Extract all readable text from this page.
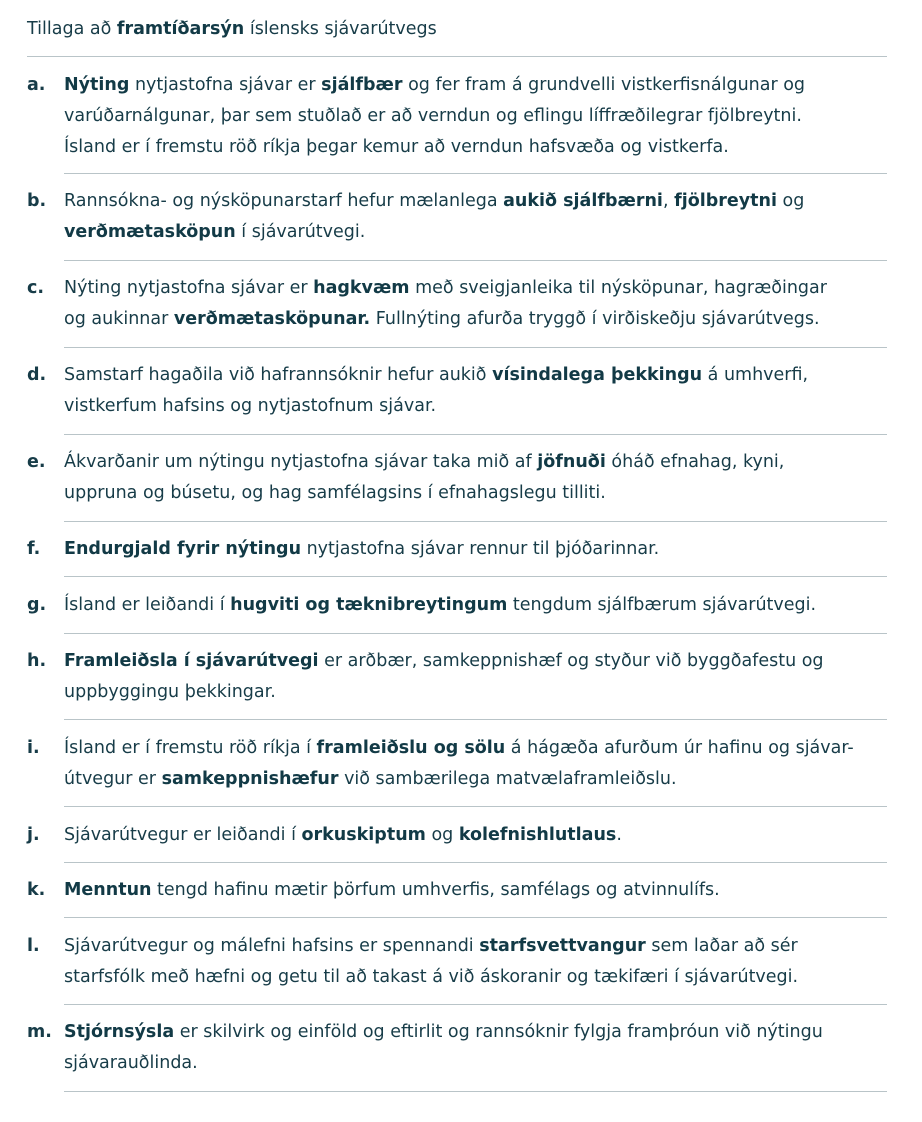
Tillaga að framtíðarsýn íslensks sjávarútvegs
a.	Nýting nytjastofna sjávar er sjálfbær og fer fram á grundvelli vistkerfisnálgunar og
varúðarnálgunar, þar sem stuðlað er að verndun og eflingu líffræðilegrar fjölbreytni.
Ísland er í fremstu röð ríkja þegar kemur að verndun hafsvæða og vistkerfa.
b.	Rannsókna- og nýsköpunarstarf hefur mælanlega aukið sjálfbærni, fjölbreytni og
verðmætasköpun í sjávarútvegi.
c.	Nýting nytjastofna sjávar er hagkvæm með sveigjanleika til nýsköpunar, hagræðingar
og aukinnar verðmætasköpunar. Fullnýting afurða tryggð í virðiskeðju sjávarútvegs.
d.	Samstarf hagaðila við hafrannsóknir hefur aukið vísindalega þekkingu á umhverfi,
vistkerfum hafsins og nytjastofnum sjávar.
e.	Ákvarðanir um nýtingu nytjastofna sjávar taka mið af jöfnuði óháð efnahag, kyni,
uppruna og búsetu, og hag samfélagsins í efnahagslegu tilliti.
f.	Endurgjald fyrir nýtingu nytjastofna sjávar rennur til þjóðarinnar.
g.	Ísland er leiðandi í hugviti og tæknibreytingum tengdum sjálfbærum sjávarútvegi.
h.	Framleiðsla í sjávarútvegi er arðbær, samkeppnishæf og styður við byggðafestu og
uppbyggingu þekkingar.
i.	Ísland er í fremstu röð ríkja í framleiðslu og sölu á hágæða afurðum úr hafinu og sjávar-
útvegur er samkeppnishæfur við sambærilega matvælaframleiðslu.
j.	Sjávarútvegur er leiðandi í orkuskiptum og kolefnishlutlaus.
k.	Menntun tengd hafinu mætir þörfum umhverfis, samfélags og atvinnulífs.
l.	Sjávarútvegur og málefni hafsins er spennandi starfsvettvangur sem laðar að sér
starfsfólk með hæfni og getu til að takast á við áskoranir og tækifæri í sjávarútvegi.
m. Stjórnsýsla er skilvirk og einföld og eftirlit og rannsóknir fylgja framþróun við nýtingu
sjávarauðlinda.
